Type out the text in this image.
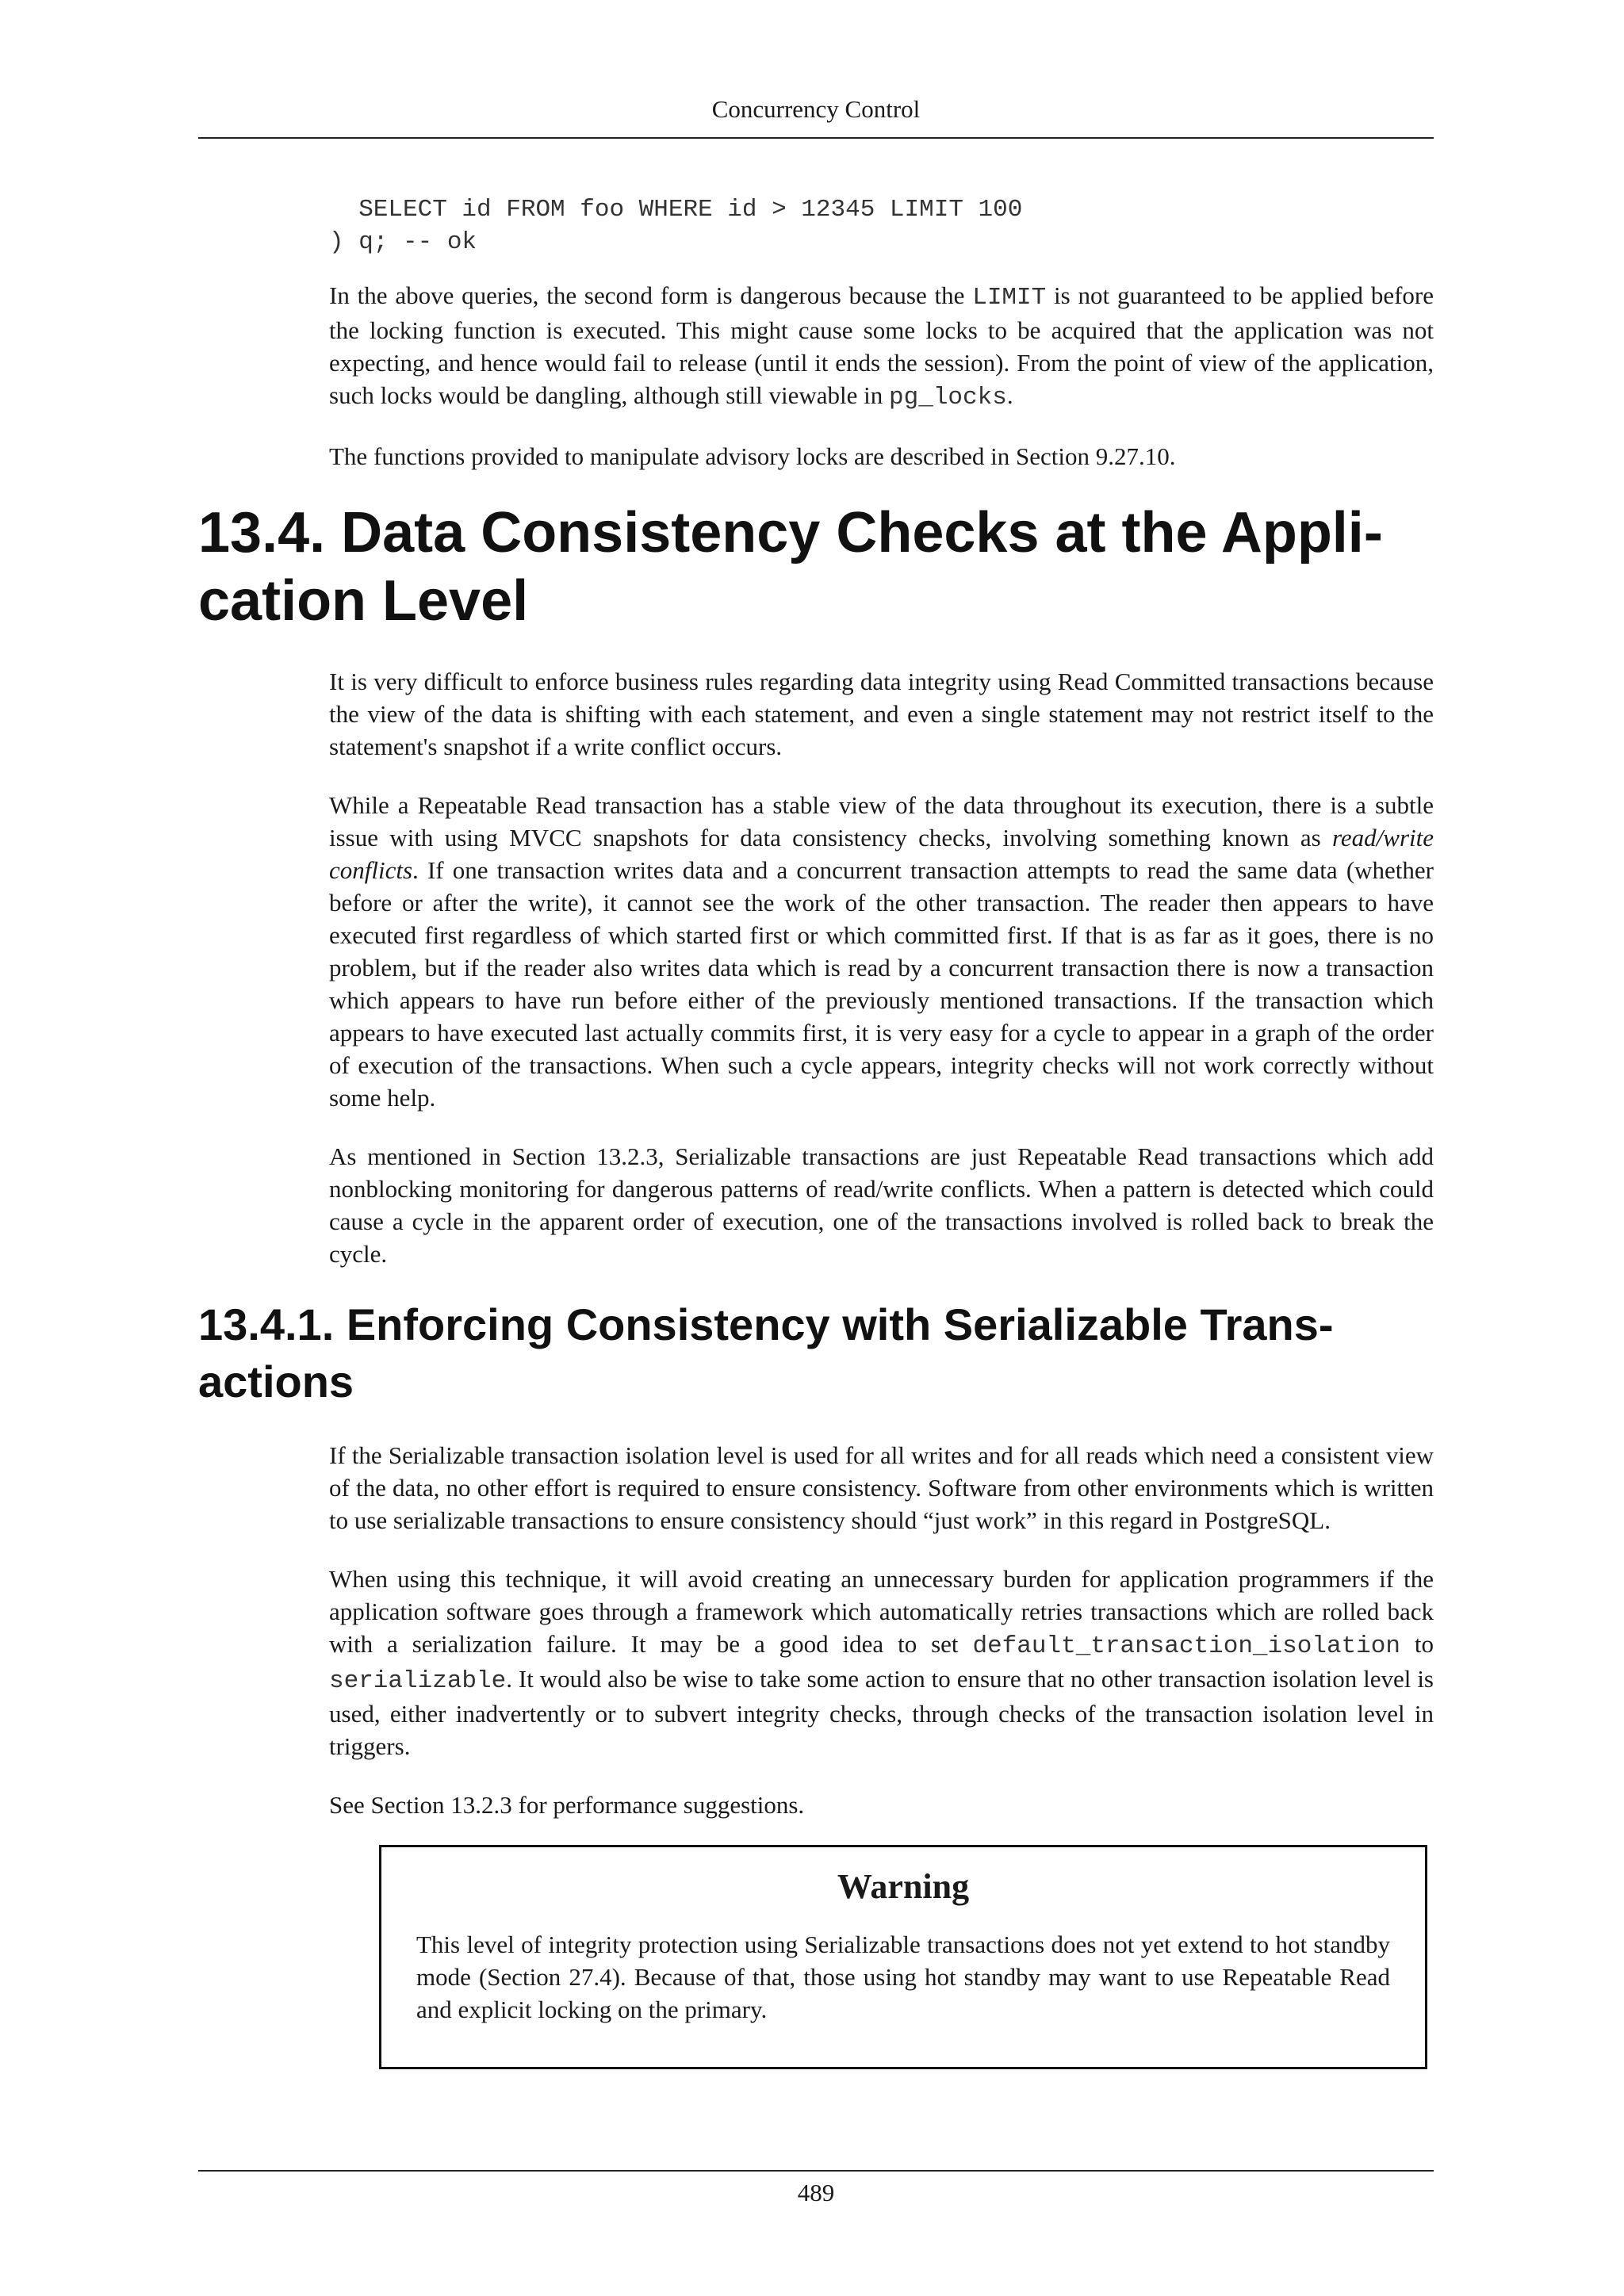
Concurrency Control
SELECT id FROM foo WHERE id > 12345 LIMIT 100
) q; -- ok

In the above queries, the second form is dangerous because the LIMIT is not guaranteed to be applied before the locking function is executed. This might cause some locks to be acquired that the application was not expecting, and hence would fail to release (until it ends the session). From the point of view of the application, such locks would be dangling, although still viewable in pg_locks.

The functions provided to manipulate advisory locks are described in Section 9.27.10.

13.4. Data Consistency Checks at the Appli-
cation Level

It is very difficult to enforce business rules regarding data integrity using Read Committed transactions because the view of the data is shifting with each statement, and even a single statement may not restrict itself to the statement's snapshot if a write conflict occurs.

While a Repeatable Read transaction has a stable view of the data throughout its execution, there is a subtle issue with using MVCC snapshots for data consistency checks, involving something known as read/write conflicts. If one transaction writes data and a concurrent transaction attempts to read the same data (whether before or after the write), it cannot see the work of the other transaction. The reader then appears to have executed first regardless of which started first or which committed first. If that is as far as it goes, there is no problem, but if the reader also writes data which is read by a concurrent transaction there is now a transaction which appears to have run before either of the previously mentioned transactions. If the transaction which appears to have executed last actually commits first, it is very easy for a cycle to appear in a graph of the order of execution of the transactions. When such a cycle appears, integrity checks will not work correctly without some help.

As mentioned in Section 13.2.3, Serializable transactions are just Repeatable Read transactions which add nonblocking monitoring for dangerous patterns of read/write conflicts. When a pattern is detected which could cause a cycle in the apparent order of execution, one of the transactions involved is rolled back to break the cycle.

13.4.1. Enforcing Consistency with Serializable Trans-
actions

If the Serializable transaction isolation level is used for all writes and for all reads which need a consistent view of the data, no other effort is required to ensure consistency. Software from other environments which is written to use serializable transactions to ensure consistency should “just work” in this regard in PostgreSQL.

When using this technique, it will avoid creating an unnecessary burden for application programmers if the application software goes through a framework which automatically retries transactions which are rolled back with a serialization failure. It may be a good idea to set default_transaction_isolation to serializable. It would also be wise to take some action to ensure that no other transaction isolation level is used, either inadvertently or to subvert integrity checks, through checks of the transaction isolation level in triggers.

See Section 13.2.3 for performance suggestions.

Warning

This level of integrity protection using Serializable transactions does not yet extend to hot standby mode (Section 27.4). Because of that, those using hot standby may want to use Repeatable Read and explicit locking on the primary.

489
